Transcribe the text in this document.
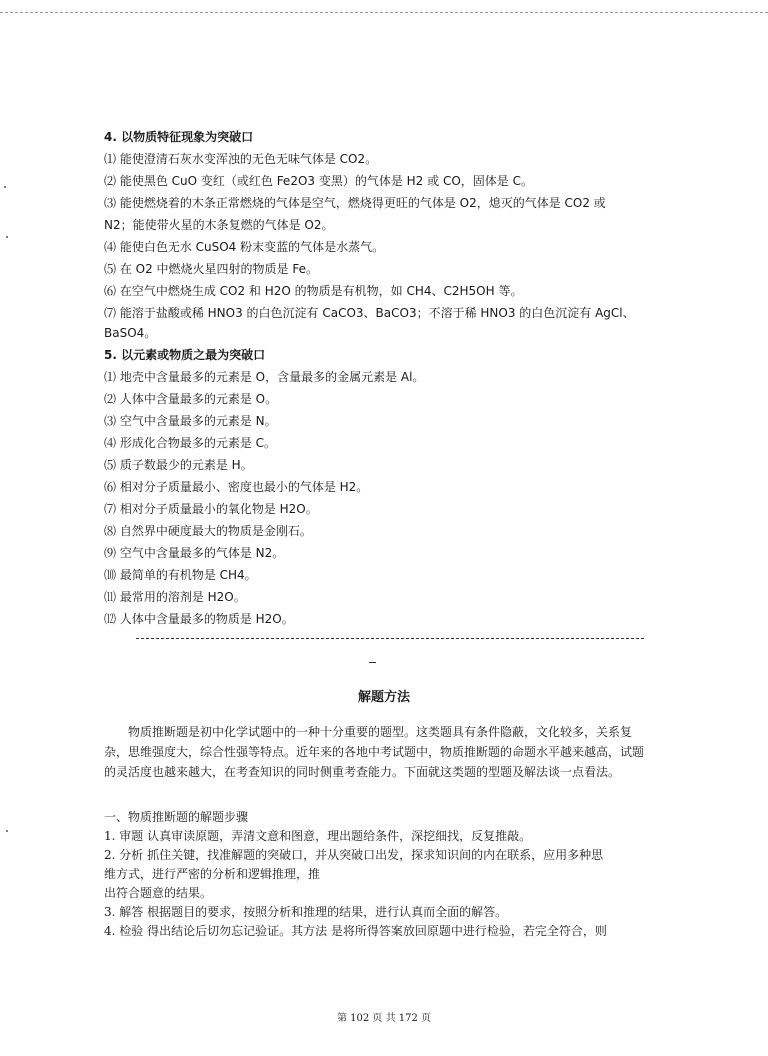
4. 以物质特征现象为突破口
⑴ 能使澄清石灰水变浑浊的无色无味气体是 CO2。
⑵ 能使黑色 CuO 变红（或红色 Fe2O3 变黑）的气体是 H2 或 CO，固体是 C。
⑶ 能使燃烧着的木条正常燃烧的气体是空气，燃烧得更旺的气体是 O2，熄灭的气体是 CO2 或
N2；能使带火星的木条复燃的气体是 O2。
⑷ 能使白色无水 CuSO4 粉末变蓝的气体是水蒸气。
⑸ 在 O2 中燃烧火星四射的物质是 Fe。
⑹ 在空气中燃烧生成 CO2 和 H2O 的物质是有机物，如 CH4、C2H5OH 等。
⑺ 能溶于盐酸或稀 HNO3 的白色沉淀有 CaCO3、BaCO3；不溶于稀 HNO3 的白色沉淀有 AgCl、
BaSO4。
5. 以元素或物质之最为突破口
⑴ 地壳中含量最多的元素是 O，含量最多的金属元素是 Al。
⑵ 人体中含量最多的元素是 O。
⑶ 空气中含量最多的元素是 N。
⑷ 形成化合物最多的元素是 C。
⑸ 质子数最少的元素是 H。
⑹ 相对分子质量最小、密度也最小的气体是 H2。
⑺ 相对分子质量最小的氧化物是 H2O。
⑻ 自然界中硬度最大的物质是金刚石。
⑼ 空气中含量最多的气体是 N2。
⑽ 最简单的有机物是 CH4。
⑾ 最常用的溶剂是 H2O。
⑿ 人体中含量最多的物质是 H2O。
解题方法
物质推断题是初中化学试题中的一种十分重要的题型。这类题具有条件隐蔽，文化较多，关系复杂，思维强度大，综合性强等特点。近年来的各地中考试题中，物质推断题的命题水平越来越高，试题的灵活度也越来越大，在考查知识的同时侧重考查能力。下面就这类题的型题及解法谈一点看法。
一、物质推断题的解题步骤
1. 审题 认真审读原题，弄清文意和图意，理出题给条件，深挖细找，反复推敲。
2. 分析 抓住关键，找准解题的突破口，并从突破口出发，探求知识间的内在联系，应用多种思
维方式，进行严密的分析和逻辑推理，推
出符合题意的结果。
3. 解答 根据题目的要求，按照分析和推理的结果，进行认真而全面的解答。
4. 检验 得出结论后切勿忘记验证。其方法 是将所得答案放回原题中进行检验，若完全符合，则
第 102 页 共 172 页
